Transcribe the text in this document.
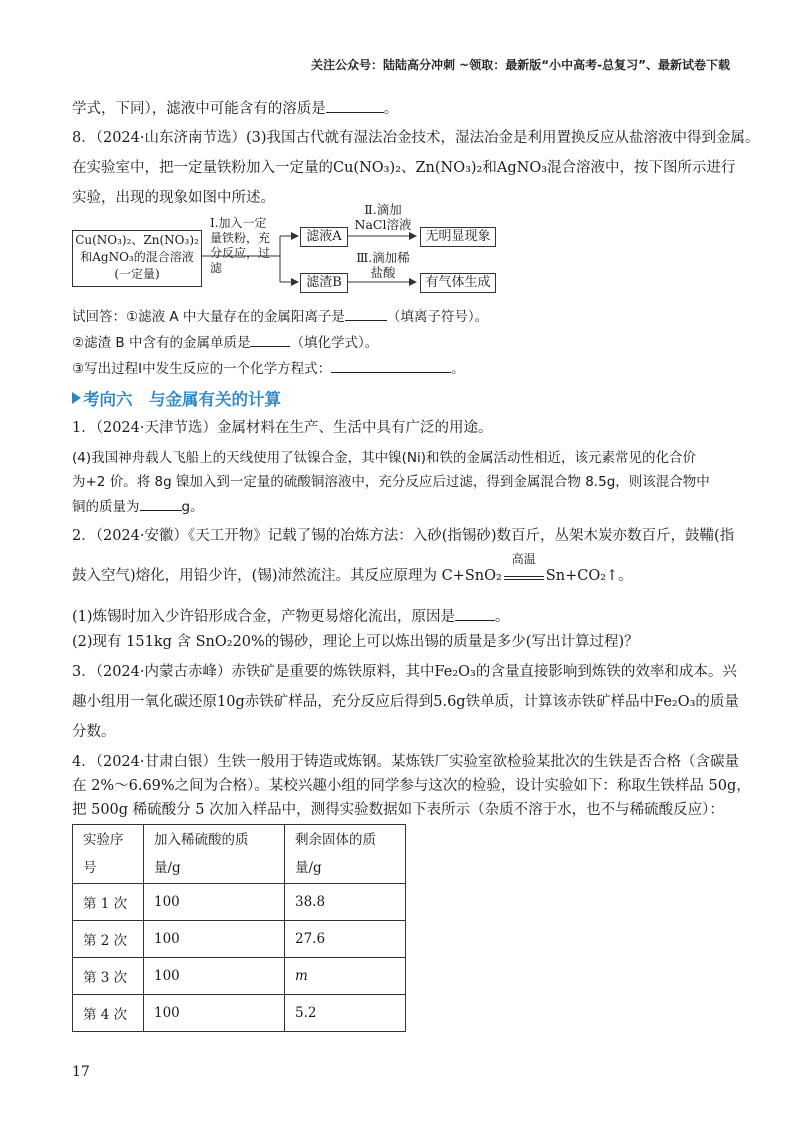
关注公众号：陆陆高分冲刺 ~领取：最新版“小中高考-总复习”、最新试卷下载
学式，下同），滤液中可能含有的溶质是	。
8．（2024·山东济南节选）(3)我国古代就有湿法冶金技术，湿法冶金是利用置换反应从盐溶液中得到金属。
在实验室中，把一定量铁粉加入一定量的Cu(NO₃)₂、Zn(NO₃)₂和AgNO₃混合溶液中，按下图所示进行
实验，出现的现象如图中所述。
Cu(NO₃)₂、Zn(NO₃)₂和AgNO₃的混合溶液(一定量)
Ⅰ.加入一定量铁粉，充分反应，过滤
滤液A
滤渣B
Ⅱ.滴加NaCl溶液
Ⅲ.滴加稀盐酸
无明显现象
有气体生成
试回答：①滤液 A 中大量存在的金属阳离子是	（填离子符号）。
②滤渣 B 中含有的金属单质是	（填化学式）。
③写出过程Ⅰ中发生反应的一个化学方程式：	。
考向六　与金属有关的计算
1．（2024·天津节选）金属材料在生产、生活中具有广泛的用途。
(4)我国神舟载人飞船上的天线使用了钛镍合金，其中镍(Ni)和铁的金属活动性相近，该元素常见的化合价
为+2 价。将 8g 镍加入到一定量的硫酸铜溶液中，充分反应后过滤，得到金属混合物 8.5g，则该混合物中
铜的质量为	g。
2．（2024·安徽）《天工开物》记载了锡的冶炼方法：入砂(指锡砂)数百斤，丛架木炭亦数百斤，鼓鞴(指
鼓入空气)熔化，用铅少许，(锡)沛然流注。其反应原理为 C+SnO₂
高温
Sn+CO₂↑。
(1)炼锡时加入少许铅形成合金，产物更易熔化流出，原因是	。
(2)现有 151kg 含 SnO₂20%的锡砂，理论上可以炼出锡的质量是多少(写出计算过程)？
3．（2024·内蒙古赤峰）赤铁矿是重要的炼铁原料，其中Fe₂O₃的含量直接影响到炼铁的效率和成本。兴
趣小组用一氧化碳还原10g赤铁矿样品，充分反应后得到5.6g铁单质，计算该赤铁矿样品中Fe₂O₃的质量
分数。
4．（2024·甘肃白银）生铁一般用于铸造或炼钢。某炼铁厂实验室欲检验某批次的生铁是否合格（含碳量
在 2%～6.69%之间为合格）。某校兴趣小组的同学参与这次的检验，设计实验如下：称取生铁样品 50g，
把 500g 稀硫酸分 5 次加入样品中，测得实验数据如下表所示（杂质不溶于水，也不与稀硫酸反应）：
实验序号	加入稀硫酸的质量/g	剩余固体的质量/g
第 1 次	100	38.8
第 2 次	100	27.6
第 3 次	100	m
第 4 次	100	5.2
17
